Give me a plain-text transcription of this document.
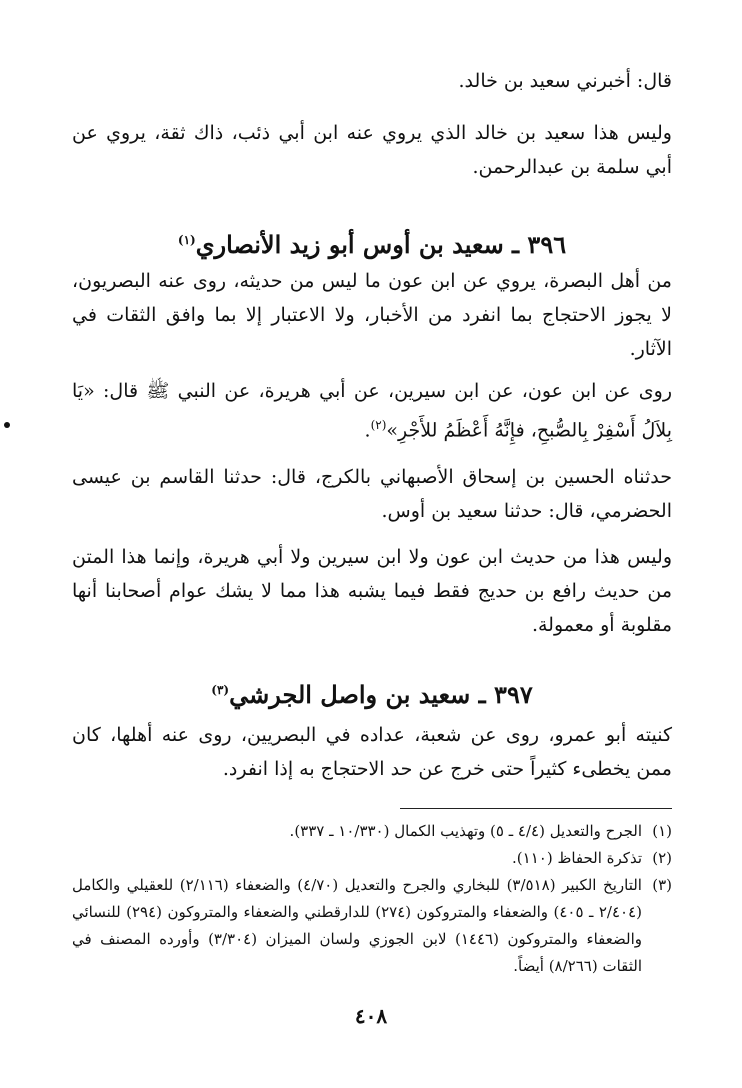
قال: أخبرني سعيد بن خالد.
وليس هذا سعيد بن خالد الذي يروي عنه ابن أبي ذئب، ذاك ثقة، يروي عن أبي سلمة بن عبدالرحمن.
٣٩٦ ـ سعيد بن أوس أبو زيد الأنصاري$^{(١)}$
من أهل البصرة، يروي عن ابن عون ما ليس من حديثه، روى عنه البصريون، لا يجوز الاحتجاج بما انفرد من الأخبار، ولا الاعتبار إلا بما وافق الثقات في الآثار.
روى عن ابن عون، عن ابن سيرين، عن أبي هريرة، عن النبي ﷺ قال: «يَا بِلاَلُ أَسْفِرْ بِالصُّبحِ، فإِنَّهُ أَعْظَمُ للأَجْرِ»$^{(٢)}$.
حدثناه الحسين بن إسحاق الأصبهاني بالكرج، قال: حدثنا القاسم بن عيسى الحضرمي، قال: حدثنا سعيد بن أوس.
وليس هذا من حديث ابن عون ولا ابن سيرين ولا أبي هريرة، وإنما هذا المتن من حديث رافع بن حديج فقط فيما يشبه هذا مما لا يشك عوام أصحابنا أنها مقلوبة أو معمولة.
٣٩٧ ـ سعيد بن واصل الجرشي$^{(٣)}$
كنيته أبو عمرو، روى عن شعبة، عداده في البصريين، روى عنه أهلها، كان ممن يخطىء كثيراً حتى خرج عن حد الاحتجاج به إذا انفرد.
(١)
الجرح والتعديل (٤/٤ ـ ٥) وتهذيب الكمال (١٠/٣٣٠ ـ ٣٣٧).
(٢)
تذكرة الحفاظ (١١٠).
(٣)
التاريخ الكبير (٣/٥١٨) للبخاري والجرح والتعديل (٤/٧٠) والضعفاء (٢/١١٦) للعقيلي والكامل (٢/٤٠٤ ـ ٤٠٥) والضعفاء والمتروكون (٢٧٤) للدارقطني والضعفاء والمتروكون (٢٩٤) للنسائي والضعفاء والمتروكون (١٤٤٦) لابن الجوزي ولسان الميزان (٣/٣٠٤) وأورده المصنف في الثقات (٨/٢٦٦) أيضاً.
٤٠٨
